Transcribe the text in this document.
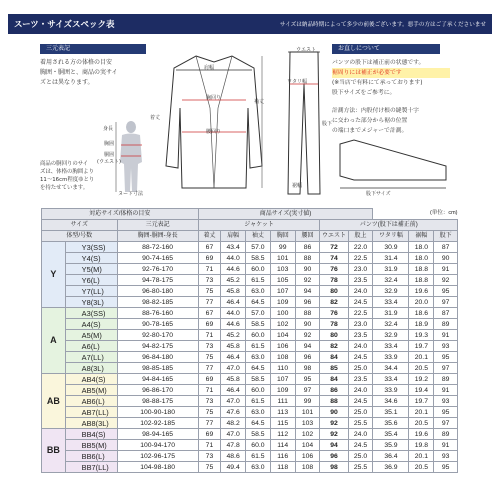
スーツ・サイズスペック表	サイズは納品時期によって多少の前後ございます。悪手の方はご了承くださいませ
三元表記
着用される方の体格の目安
胸囲・胴囲と、商品の実サイ
ズとは異なります。
身長
胸囲
胴囲
(ウエスト)
商品の胴回りのサイ
ズは、体格の胸囲より
11〜16cm程度ゆとり
を持たせています。
ヌード寸法
肩幅
胸回り
腰回り
着丈
袖丈
ウエスト
ワタリ幅
股下
裾幅
お直しについて
パンツの股下は補正前の状態です。
裾周りには補正が必要です
(※当店で有料にて承っております)
股下サイズをご参考に。
計測方法：内股付け根の縫製十字
に交わった部分から裾の位置
の端口までメジャーで計測。
股下サイズ
対応サイズ/体格の目安			商品サイズ(実寸値)							(単位：cm)		
サイズ		三元表記	ジャケット					パンツ(股下は補正前)				
体型/号数		胸囲-胴囲-身長	着丈	肩幅	袖丈	胸回	腰回	ウエスト	股上	ワタリ幅	裾幅	股下
Y	Y3(SS)	88-72-160	67	43.4	57.0	99	86	72	22.0	30.9	18.0	87
	Y4(S)	90-74-165	69	44.0	58.5	101	88	74	22.5	31.4	18.0	90
	Y5(M)	92-76-170	71	44.6	60.0	103	90	76	23.0	31.9	18.8	91
	Y6(L)	94-78-175	73	45.2	61.5	105	92	78	23.5	32.4	18.8	92
	Y7(LL)	96-80-180	75	45.8	63.0	107	94	80	24.0	32.9	19.6	95
	Y8(3L)	98-82-185	77	46.4	64.5	109	96	82	24.5	33.4	20.0	97
A	A3(SS)	88-76-160	67	44.0	57.0	100	88	76	22.5	31.9	18.6	87
	A4(S)	90-78-165	69	44.6	58.5	102	90	78	23.0	32.4	18.9	89
	A5(M)	92-80-170	71	45.2	60.0	104	92	80	23.5	32.9	19.3	91
	A6(L)	94-82-175	73	45.8	61.5	106	94	82	24.0	33.4	19.7	93
	A7(LL)	96-84-180	75	46.4	63.0	108	96	84	24.5	33.9	20.1	95
	A8(3L)	98-85-185	77	47.0	64.5	110	98	85	25.0	34.4	20.5	97
AB	AB4(S)	94-84-165	69	45.8	58.5	107	95	84	23.5	33.4	19.2	89
	AB5(M)	96-86-170	71	46.4	60.0	109	97	86	24.0	33.9	19.4	91
	AB6(L)	98-88-175	73	47.0	61.5	111	99	88	24.5	34.6	19.7	93
	AB7(LL)	100-90-180	75	47.6	63.0	113	101	90	25.0	35.1	20.1	95
	AB8(3L)	102-92-185	77	48.2	64.5	115	103	92	25.5	35.6	20.5	97
BB	BB4(S)	98-94-165	69	47.0	58.5	112	102	92	24.0	35.4	19.6	89
	BB5(M)	100-94-170	71	47.8	60.0	114	104	94	24.5	35.9	19.8	91
	BB6(L)	102-96-175	73	48.6	61.5	116	106	96	25.0	36.4	20.1	93
	BB7(LL)	104-98-180	75	49.4	63.0	118	108	98	25.5	36.9	20.5	95
